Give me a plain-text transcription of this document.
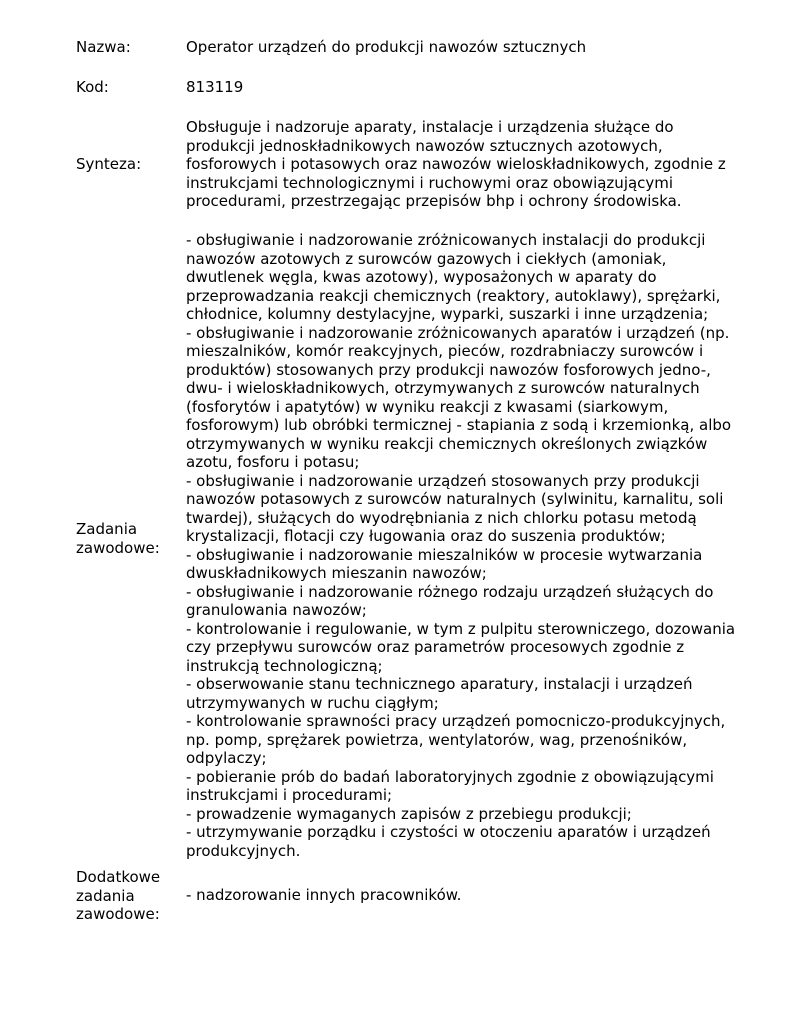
Nazwa:	Operator urządzeń do produkcji nawozów sztucznych
Kod:	813119
Synteza:
Obsługuje i nadzoruje aparaty, instalacje i urządzenia służące do
produkcji jednoskładnikowych nawozów sztucznych azotowych,
fosforowych i potasowych oraz nawozów wieloskładnikowych, zgodnie z
instrukcjami technologicznymi i ruchowymi oraz obowiązującymi
procedurami, przestrzegając przepisów bhp i ochrony środowiska.
Zadania
zawodowe:
- obsługiwanie i nadzorowanie zróżnicowanych instalacji do produkcji
nawozów azotowych z surowców gazowych i ciekłych (amoniak,
dwutlenek węgla, kwas azotowy), wyposażonych w aparaty do
przeprowadzania reakcji chemicznych (reaktory, autoklawy), sprężarki,
chłodnice, kolumny destylacyjne, wyparki, suszarki i inne urządzenia;
- obsługiwanie i nadzorowanie zróżnicowanych aparatów i urządzeń (np.
mieszalników, komór reakcyjnych, pieców, rozdrabniaczy surowców i
produktów) stosowanych przy produkcji nawozów fosforowych jedno-,
dwu- i wieloskładnikowych, otrzymywanych z surowców naturalnych
(fosforytów i apatytów) w wyniku reakcji z kwasami (siarkowym,
fosforowym) lub obróbki termicznej - stapiania z sodą i krzemionką, albo
otrzymywanych w wyniku reakcji chemicznych określonych związków
azotu, fosforu i potasu;
- obsługiwanie i nadzorowanie urządzeń stosowanych przy produkcji
nawozów potasowych z surowców naturalnych (sylwinitu, karnalitu, soli
twardej), służących do wyodrębniania z nich chlorku potasu metodą
krystalizacji, flotacji czy ługowania oraz do suszenia produktów;
- obsługiwanie i nadzorowanie mieszalników w procesie wytwarzania
dwuskładnikowych mieszanin nawozów;
- obsługiwanie i nadzorowanie różnego rodzaju urządzeń służących do
granulowania nawozów;
- kontrolowanie i regulowanie, w tym z pulpitu sterowniczego, dozowania
czy przepływu surowców oraz parametrów procesowych zgodnie z
instrukcją technologiczną;
- obserwowanie stanu technicznego aparatury, instalacji i urządzeń
utrzymywanych w ruchu ciągłym;
- kontrolowanie sprawności pracy urządzeń pomocniczo-produkcyjnych,
np. pomp, sprężarek powietrza, wentylatorów, wag, przenośników,
odpylaczy;
- pobieranie prób do badań laboratoryjnych zgodnie z obowiązującymi
instrukcjami i procedurami;
- prowadzenie wymaganych zapisów z przebiegu produkcji;
- utrzymywanie porządku i czystości w otoczeniu aparatów i urządzeń
produkcyjnych.
Dodatkowe
zadania
zawodowe:
- nadzorowanie innych pracowników.
